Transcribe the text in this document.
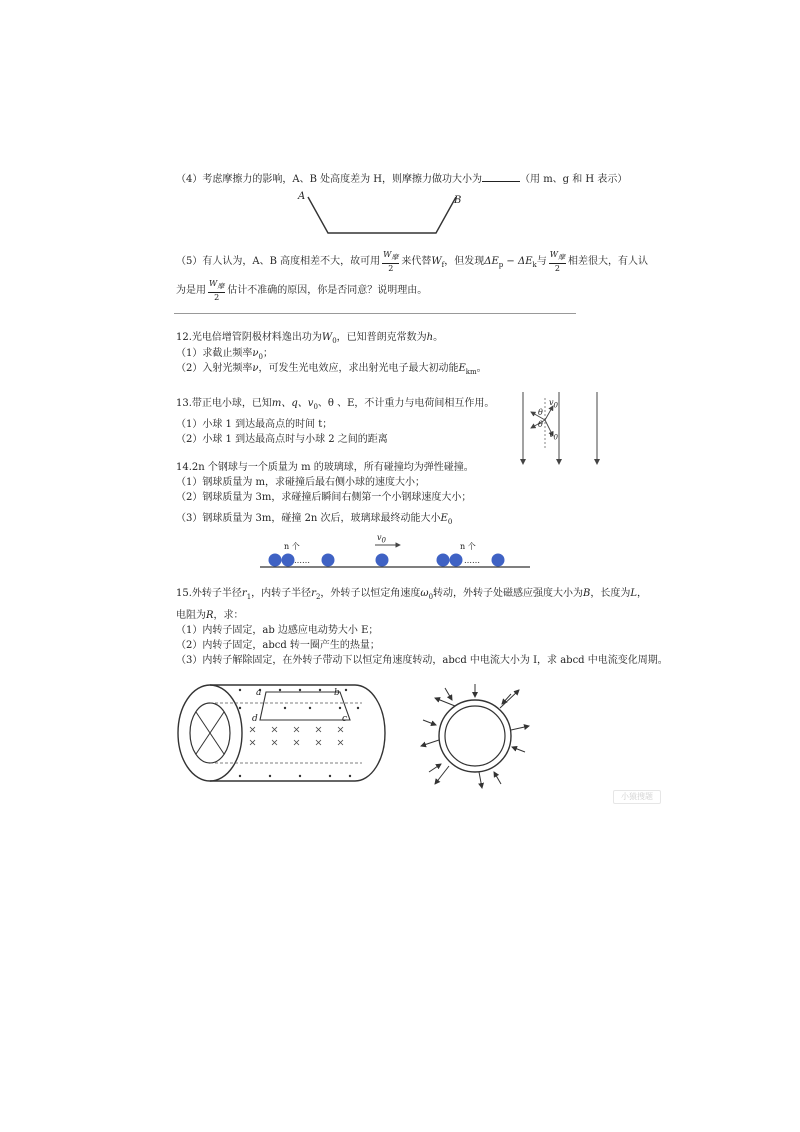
（4）考虑摩擦力的影响，A、B 处高度差为 H，则摩擦力做功大小为	（用 m、g 和 H 表示）
A	B
（5）有人认为，A、B 高度相差不大，故可用 $\frac{W_摩}{2}$ 来代替$W_f$，但发现$\Delta E_p - \Delta E_k$与 $\frac{W_摩}{2}$ 相差很大，有人认
为是用 $\frac{W_摩}{2}$ 估计不准确的原因，你是否同意？说明理由。
12.光电倍增管阴极材料逸出功为$W_0$，已知普朗克常数为h。
（1）求截止频率$\nu_0$；
（2）入射光频率ν，可发生光电效应，求出射光电子最大初动能$E_{km}$。
13.带正电小球，已知m、q、$v_0$、θ 、E，不计重力与电荷间相互作用。
（1）小球 1 到达最高点的时间 t；
（2）小球 1 到达最高点时与小球 2 之间的距离
$v_0$
θ
θ
$v_0$
14.2n 个钢球与一个质量为 m 的玻璃球，所有碰撞均为弹性碰撞。
（1）钢球质量为 m，求碰撞后最右侧小球的速度大小；
（2）钢球质量为 3m，求碰撞后瞬间右侧第一个小钢球速度大小；
（3）钢球质量为 3m，碰撞 2n 次后，玻璃球最终动能大小$E_0$
n 个
……
$v_0$
n 个
……
15.外转子半径$r_1$，内转子半径$r_2$，外转子以恒定角速度$\omega_0$转动，外转子处磁感应强度大小为B，长度为L，
电阻为R，求：
（1）内转子固定，ab 边感应电动势大小 E；
（2）内转子固定，abcd 转一圈产生的热量；
（3）内转子解除固定，在外转子带动下以恒定角速度转动，abcd 中电流大小为 I，求 abcd 中电流变化周期。
a	b
c
d
小猿搜题
